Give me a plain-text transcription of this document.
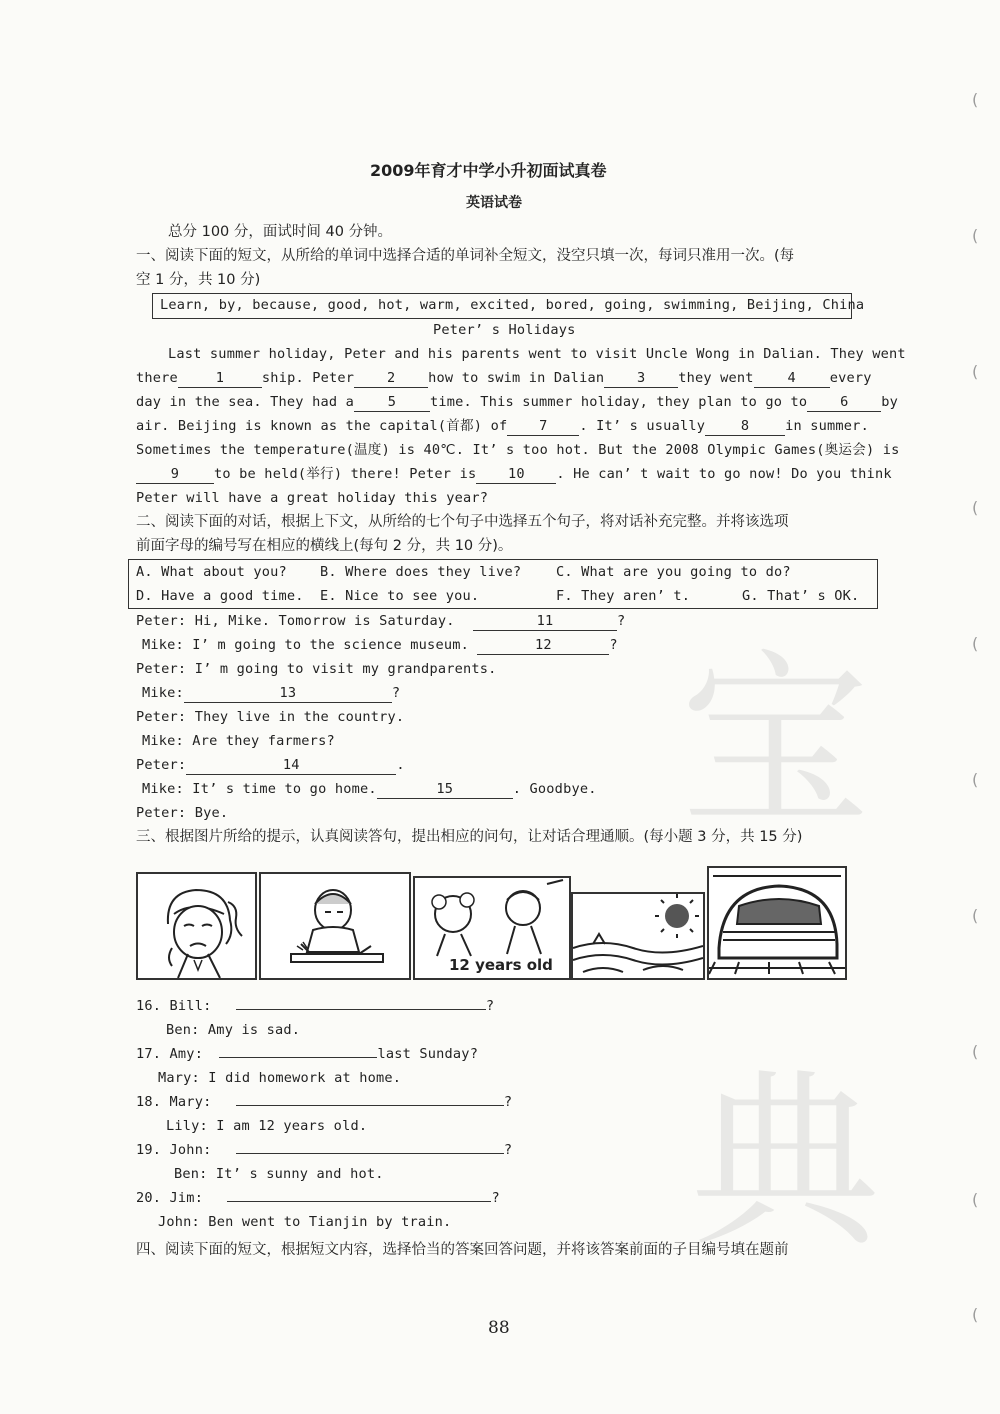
宝
典
(
(
(
(
(
(
(
(
(
(
2009年育才中学小升初面试真卷
英语试卷
总分 100 分，面试时间 40 分钟。
一、阅读下面的短文，从所给的单词中选择合适的单词补全短文，没空只填一次，每词只准用一次。(每
空 1 分，共 10 分)
Learn, by, because, good, hot, warm, excited, bored, going, swimming, Beijing, China
Peter’ s Holidays
Last summer holiday, Peter and his parents went to visit Uncle Wong in Dalian. They went
there	1	ship. Peter 2 how to swim in Dalian 3 they went 4 every
day in the sea. They had a 5 time. This summer holiday, they plan to go to 6 by
air. Beijing is known as the capital(首都) of 7 . It’ s usually	8	in summer.
Sometimes the temperature(温度) is 40℃. It’ s too hot. But the 2008 Olympic Games(奥运会) is
9	to be held(举行) there! Peter is 10 . He can’ t wait to go now! Do you think
Peter will have a great holiday this year?
二、阅读下面的对话，根据上下文，从所给的七个句子中选择五个句子，将对话补充完整。并将该选项
前面字母的编号写在相应的横线上(每句 2 分，共 10 分)。
A. What about you? B. Where does they live?	C. What are you going to do?
D. Have a good time. E. Nice to see you.	F. They aren’ t.	G. That’ s OK.
Peter: Hi, Mike. Tomorrow is Saturday.	11	?
Mike: I’ m going to the science museum.	12	?
Peter: I’ m going to visit my grandparents.
Mike:	13	?
Peter: They live in the country.
Mike: Are they farmers?
Peter:	14	.
Mike: It’ s time to go home.	15	. Goodbye.
Peter: Bye.
三、根据图片所给的提示，认真阅读答句，提出相应的问句，让对话合理通顺。(每小题 3 分，共 15 分)
12 years old
16. Bill:	?
Ben: Amy is sad.
17. Amy:	last Sunday?
Mary: I did homework at home.
18. Mary:	?
Lily: I am 12 years old.
19. John:	?
Ben: It’ s sunny and hot.
20. Jim:	?
John: Ben went to Tianjin by train.
四、阅读下面的短文，根据短文内容，选择恰当的答案回答问题，并将该答案前面的子目编号填在题前
88
